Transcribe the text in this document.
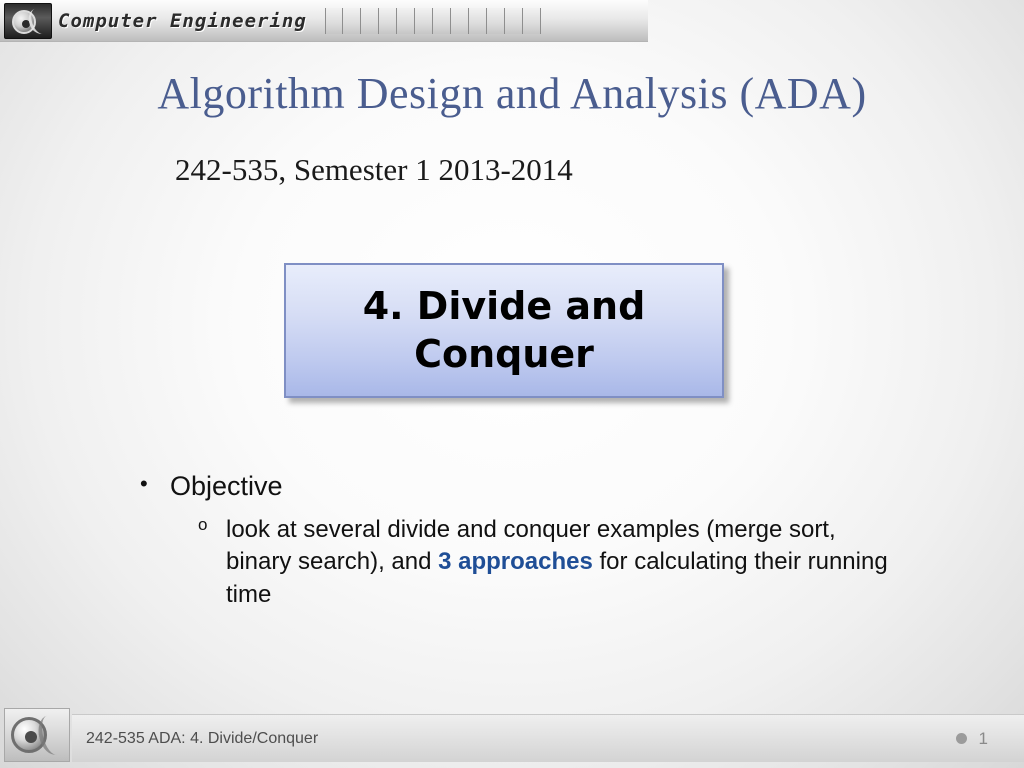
Computer Engineering
Algorithm Design and Analysis (ADA)
242-535, Semester 1 2013-2014
4. Divide and Conquer
• Objective
o look at several divide and conquer examples (merge sort, binary search), and 3 approaches for calculating their running time
242-535 ADA: 4. Divide/Conquer	1
